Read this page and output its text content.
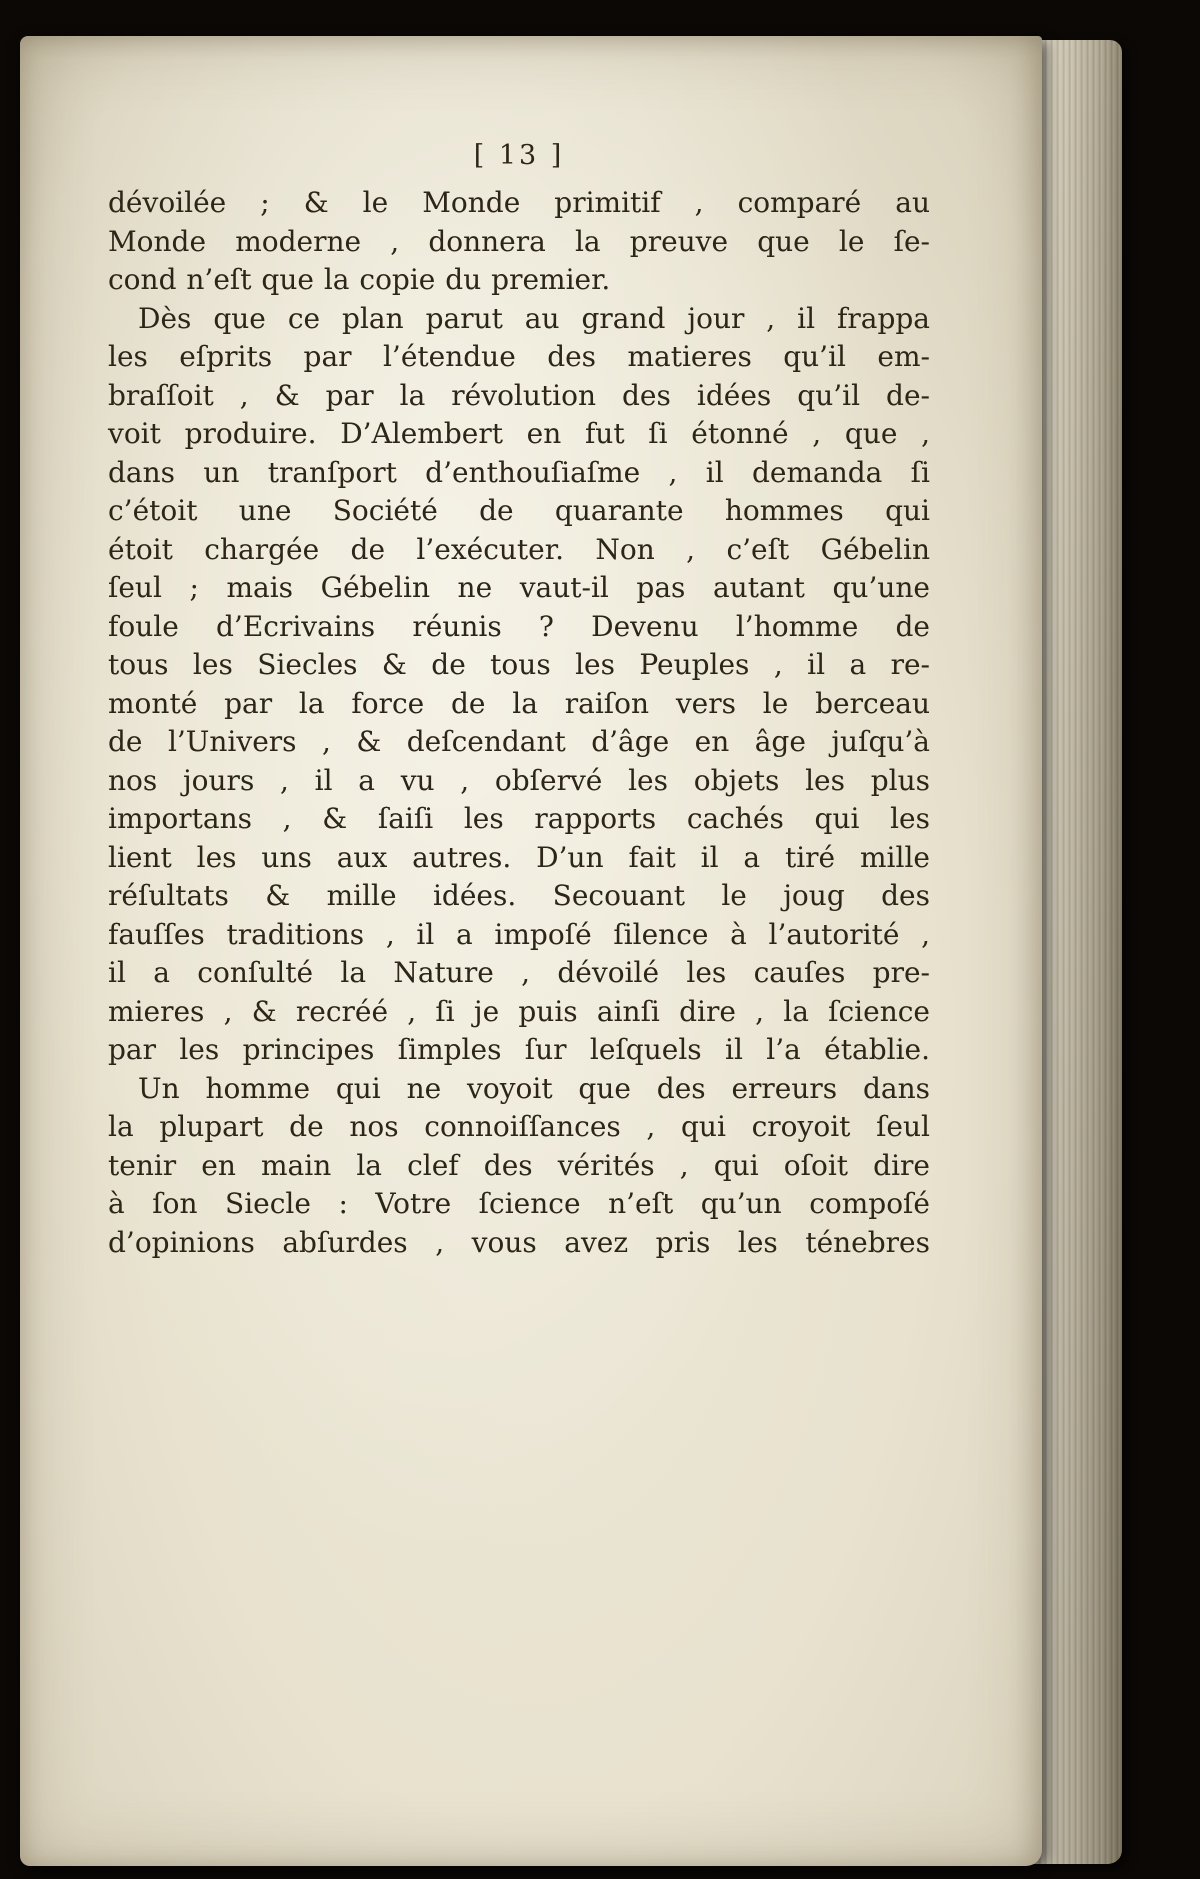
[ 13 ]
dévoilée ; & le Monde primitif , comparé au
Monde moderne , donnera la preuve que le ſe-
cond n’eſt que la copie du premier.
Dès que ce plan parut au grand jour , il frappa
les eſprits par l’étendue des matieres qu’il em-
braſſoit , & par la révolution des idées qu’il de-
voit produire. D’Alembert en fut ſi étonné , que ,
dans un tranſport d’enthouſiaſme , il demanda ſi
c’étoit une Société de quarante hommes qui
étoit chargée de l’exécuter. Non , c’eſt Gébelin
ſeul ; mais Gébelin ne vaut-il pas autant qu’une
foule d’Ecrivains réunis ? Devenu l’homme de
tous les Siecles & de tous les Peuples , il a re-
monté par la force de la raiſon vers le berceau
de l’Univers , & deſcendant d’âge en âge juſqu’à
nos jours , il a vu , obſervé les objets les plus
importans , & ſaiſi les rapports cachés qui les
lient les uns aux autres. D’un fait il a tiré mille
réſultats & mille idées. Secouant le joug des
fauſſes traditions , il a impoſé ſilence à l’autorité ,
il a conſulté la Nature , dévoilé les cauſes pre-
mieres , & recréé , ſi je puis ainſi dire , la ſcience
par les principes ſimples ſur leſquels il l’a établie.
Un homme qui ne voyoit que des erreurs dans
la plupart de nos connoiſſances , qui croyoit ſeul
tenir en main la clef des vérités , qui oſoit dire
à ſon Siecle : Votre ſcience n’eſt qu’un compoſé
d’opinions abſurdes , vous avez pris les ténebres
